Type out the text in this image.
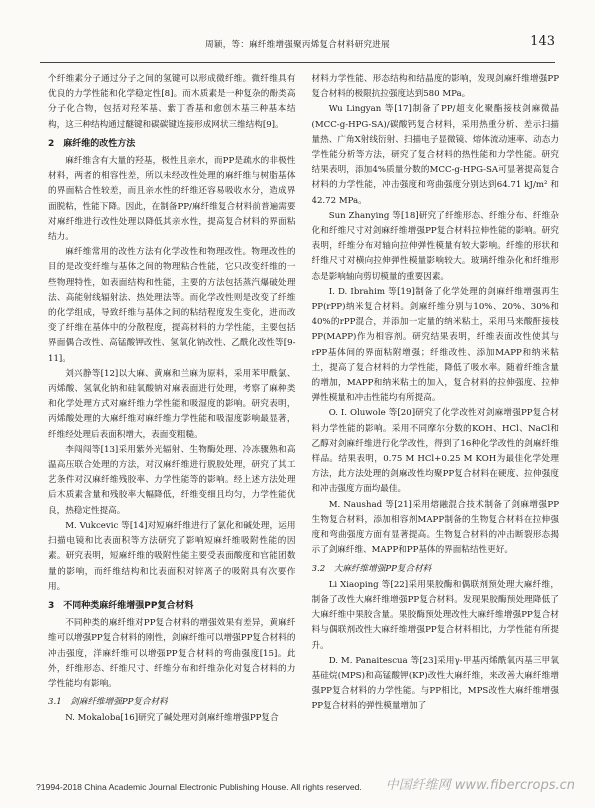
周颖，等：麻纤维增强聚丙烯复合材料研究进展	143

个纤维素分子通过分子之间的氢键可以形成微纤维。微纤维具有优良的力学性能和化学稳定性[8]。而木质素是一种复杂的酚类高分子化合物，包括对羟苯基、紫丁香基和愈创木基三种基本结构，这三种结构通过醚键和碳碳键连接形成网状三维结构[9]。

2　麻纤维的改性方法

麻纤维含有大量的羟基，极性且亲水，而PP是疏水的非极性材料，两者的相容性差，所以未经改性处理的麻纤维与树脂基体的界面粘合性较差，而且亲水性的纤维还容易吸收水分，造成界面脱粘，性能下降。因此，在制备PP/麻纤维复合材料前普遍需要对麻纤维进行改性处理以降低其亲水性，提高复合材料的界面粘结力。

麻纤维常用的改性方法有化学改性和物理改性。物理改性的目的是改变纤维与基体之间的物理粘合性能，它只改变纤维的一些物理特性，如表面结构和性能，主要的方法包括蒸汽爆破处理法、高能射线辐射法、热处理法等。而化学改性则是改变了纤维的化学组成，导致纤维与基体之间的粘结程度发生变化，进而改变了纤维在基体中的分散程度，提高材料的力学性能，主要包括界面偶合改性、高锰酸钾改性、氢氧化钠改性、乙酰化改性等[9-11]。

刘兴静等[12]以大麻、黄麻和兰麻为原料，采用苯甲酰氯、丙烯酸、氢氧化钠和硅氧酸钠对麻表面进行处理，考察了麻种类和化学处理方式对麻纤维力学性能和吸湿度的影响。研究表明，丙烯酸处理的大麻纤维对麻纤维力学性能和吸湿度影响最显著，纤维经处理后表面积增大，表面变粗糙。

李闯闯等[13]采用紫外光辐射、生物酶处理、冷冻骤熟和高温高压联合处理的方法，对汉麻纤维进行脱胶处理，研究了其工艺条件对汉麻纤维残胶率、力学性能等的影响。经上述方法处理后木质素含量和残胶率大幅降低，纤维变细且均匀，力学性能优良，热稳定性提高。

M. Vukcevic 等[14]对短麻纤维进行了氯化和碱处理，运用扫描电镜和比表面积等方法研究了影响短麻纤维吸附性能的因素。研究表明，短麻纤维的吸附性能主要受表面酸度和官能团数量的影响，而纤维结构和比表面积对锌离子的吸附具有次要作用。

3　不同种类麻纤维增强PP复合材料

不同种类的麻纤维对PP复合材料的增强效果有差异，黄麻纤维可以增强PP复合材料的刚性，剑麻纤维可以增强PP复合材料的冲击强度，洋麻纤维可以增强PP复合材料的弯曲强度[15]。此外，纤维形态、纤维尺寸、纤维分布和纤维杂化对复合材料的力学性能均有影响。

3.1　剑麻纤维增强PP复合材料

N. Mokaloba[16]研究了碱处理对剑麻纤维增强PP复合

材料力学性能、形态结构和结晶度的影响，发现剑麻纤维增强PP复合材料的极限抗拉强度达到580 MPa。

Wu Lingyan 等[17]制备了PP/超支化聚酯接枝剑麻微晶(MCC-g-HPG-SA)/碳酸钙复合材料，采用热重分析、差示扫描量热、广角X射线衍射、扫描电子显微镜、熔体流动速率、动态力学性能分析等方法，研究了复合材料的热性能和力学性能。研究结果表明，添加4%质量分数的MCC-g-HPG-SA可显著提高复合材料的力学性能，冲击强度和弯曲强度分别达到64.71 kJ/m² 和42.72 MPa。

Sun Zhanying 等[18]研究了纤维形态、纤维分布、纤维杂化和纤维尺寸对剑麻纤维增强PP复合材料拉伸性能的影响。研究表明，纤维分布对轴向拉伸弹性模量有较大影响。纤维的形状和纤维尺寸对横向拉伸弹性模量影响较大。玻璃纤维杂化和纤维形态是影响轴向剪切模量的重要因素。

I. D. Ibrahim 等[19]制备了化学处理的剑麻纤维增强再生PP(rPP)纳米复合材料。剑麻纤维分别与10%、20%、30%和40%的rPP混合，并添加一定量的纳米粘土，采用马来酸酐接枝PP(MAPP)作为相容剂。研究结果表明，纤维表面改性使其与rPP基体间的界面粘附增强；纤维改性、添加MAPP和纳米粘土，提高了复合材料的力学性能，降低了吸水率。随着纤维含量的增加，MAPP和纳米粘土的加入，复合材料的拉伸强度、拉伸弹性模量和冲击性能均有所提高。

O. I. Oluwole 等[20]研究了化学改性对剑麻增强PP复合材料力学性能的影响。采用不同摩尔分数的KOH、HCl、NaCl和乙醇对剑麻纤维进行化学改性，得到了16种化学改性的剑麻纤维样品。结果表明，0.75 M HCl+0.25 M KOH为最佳化学处理方法，此方法处理的剑麻改性均聚PP复合材料在硬度、拉伸强度和冲击强度方面均最佳。

M. Naushad 等[21]采用熔融混合技术制备了剑麻增强PP生物复合材料，添加相容剂MAPP制备的生物复合材料在拉伸强度和弯曲强度方面有显著提高。生物复合材料的冲击断裂形态揭示了剑麻纤维、MAPP和PP基体的界面粘结性更好。

3.2　大麻纤维增强PP复合材料

Li Xiaoping 等[22]采用果胶酶和偶联剂预处理大麻纤维，制备了改性大麻纤维增强PP复合材料。发现果胶酶预处理降低了大麻纤维中果胶含量。果胶酶预处理改性大麻纤维增强PP复合材料与偶联剂改性大麻纤维增强PP复合材料相比，力学性能有所提升。

D. M. Panaitescua 等[23]采用γ-甲基丙烯酰氧丙基三甲氧基硅烷(MPS)和高锰酸钾(KP)改性大麻纤维，来改善大麻纤维增强PP复合材料的力学性能。与PP相比，MPS改性大麻纤维增强PP复合材料的弹性模量增加了

?1994-2018 China Academic Journal Electronic Publishing House. All rights reserved. 中国纤维网 www.fibercrops.cn
